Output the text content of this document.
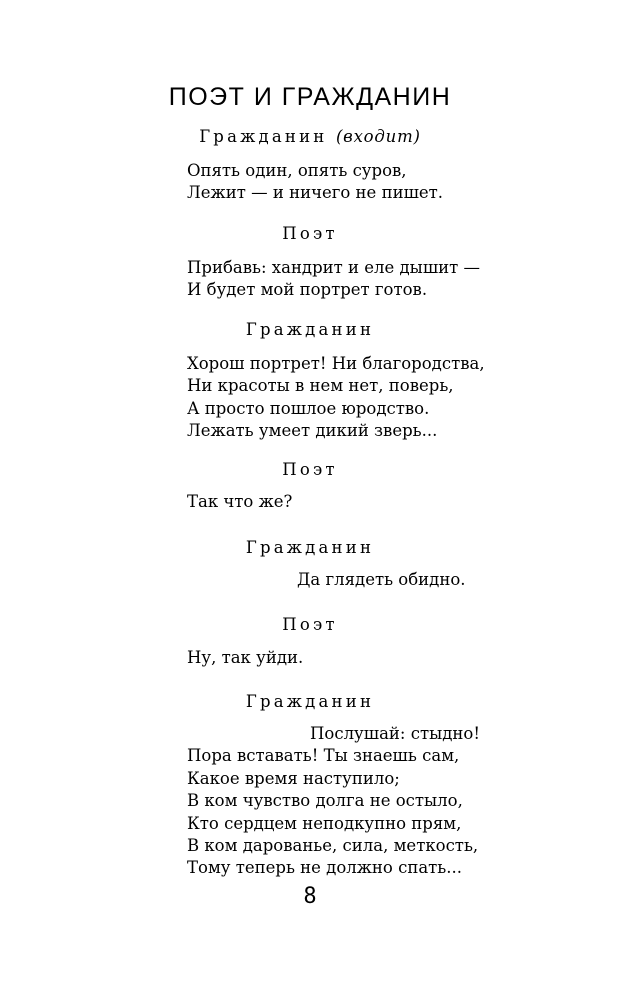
ПОЭТ И ГРАЖДАНИН
Гражданин (входит)
Опять один, опять суров,
Лежит — и ничего не пишет.
Поэт
Прибавь: хандрит и еле дышит —
И будет мой портрет готов.
Гражданин
Хорош портрет! Ни благородства,
Ни красоты в нем нет, поверь,
А просто пошлое юродство.
Лежать умеет дикий зверь...
Поэт
Так что же?
Гражданин
Да глядеть обидно.
Поэт
Ну, так уйди.
Гражданин
Послушай: стыдно!
Пора вставать! Ты знаешь сам,
Какое время наступило;
В ком чувство долга не остыло,
Кто сердцем неподкупно прям,
В ком дарованье, сила, меткость,
Тому теперь не должно спать...
8
